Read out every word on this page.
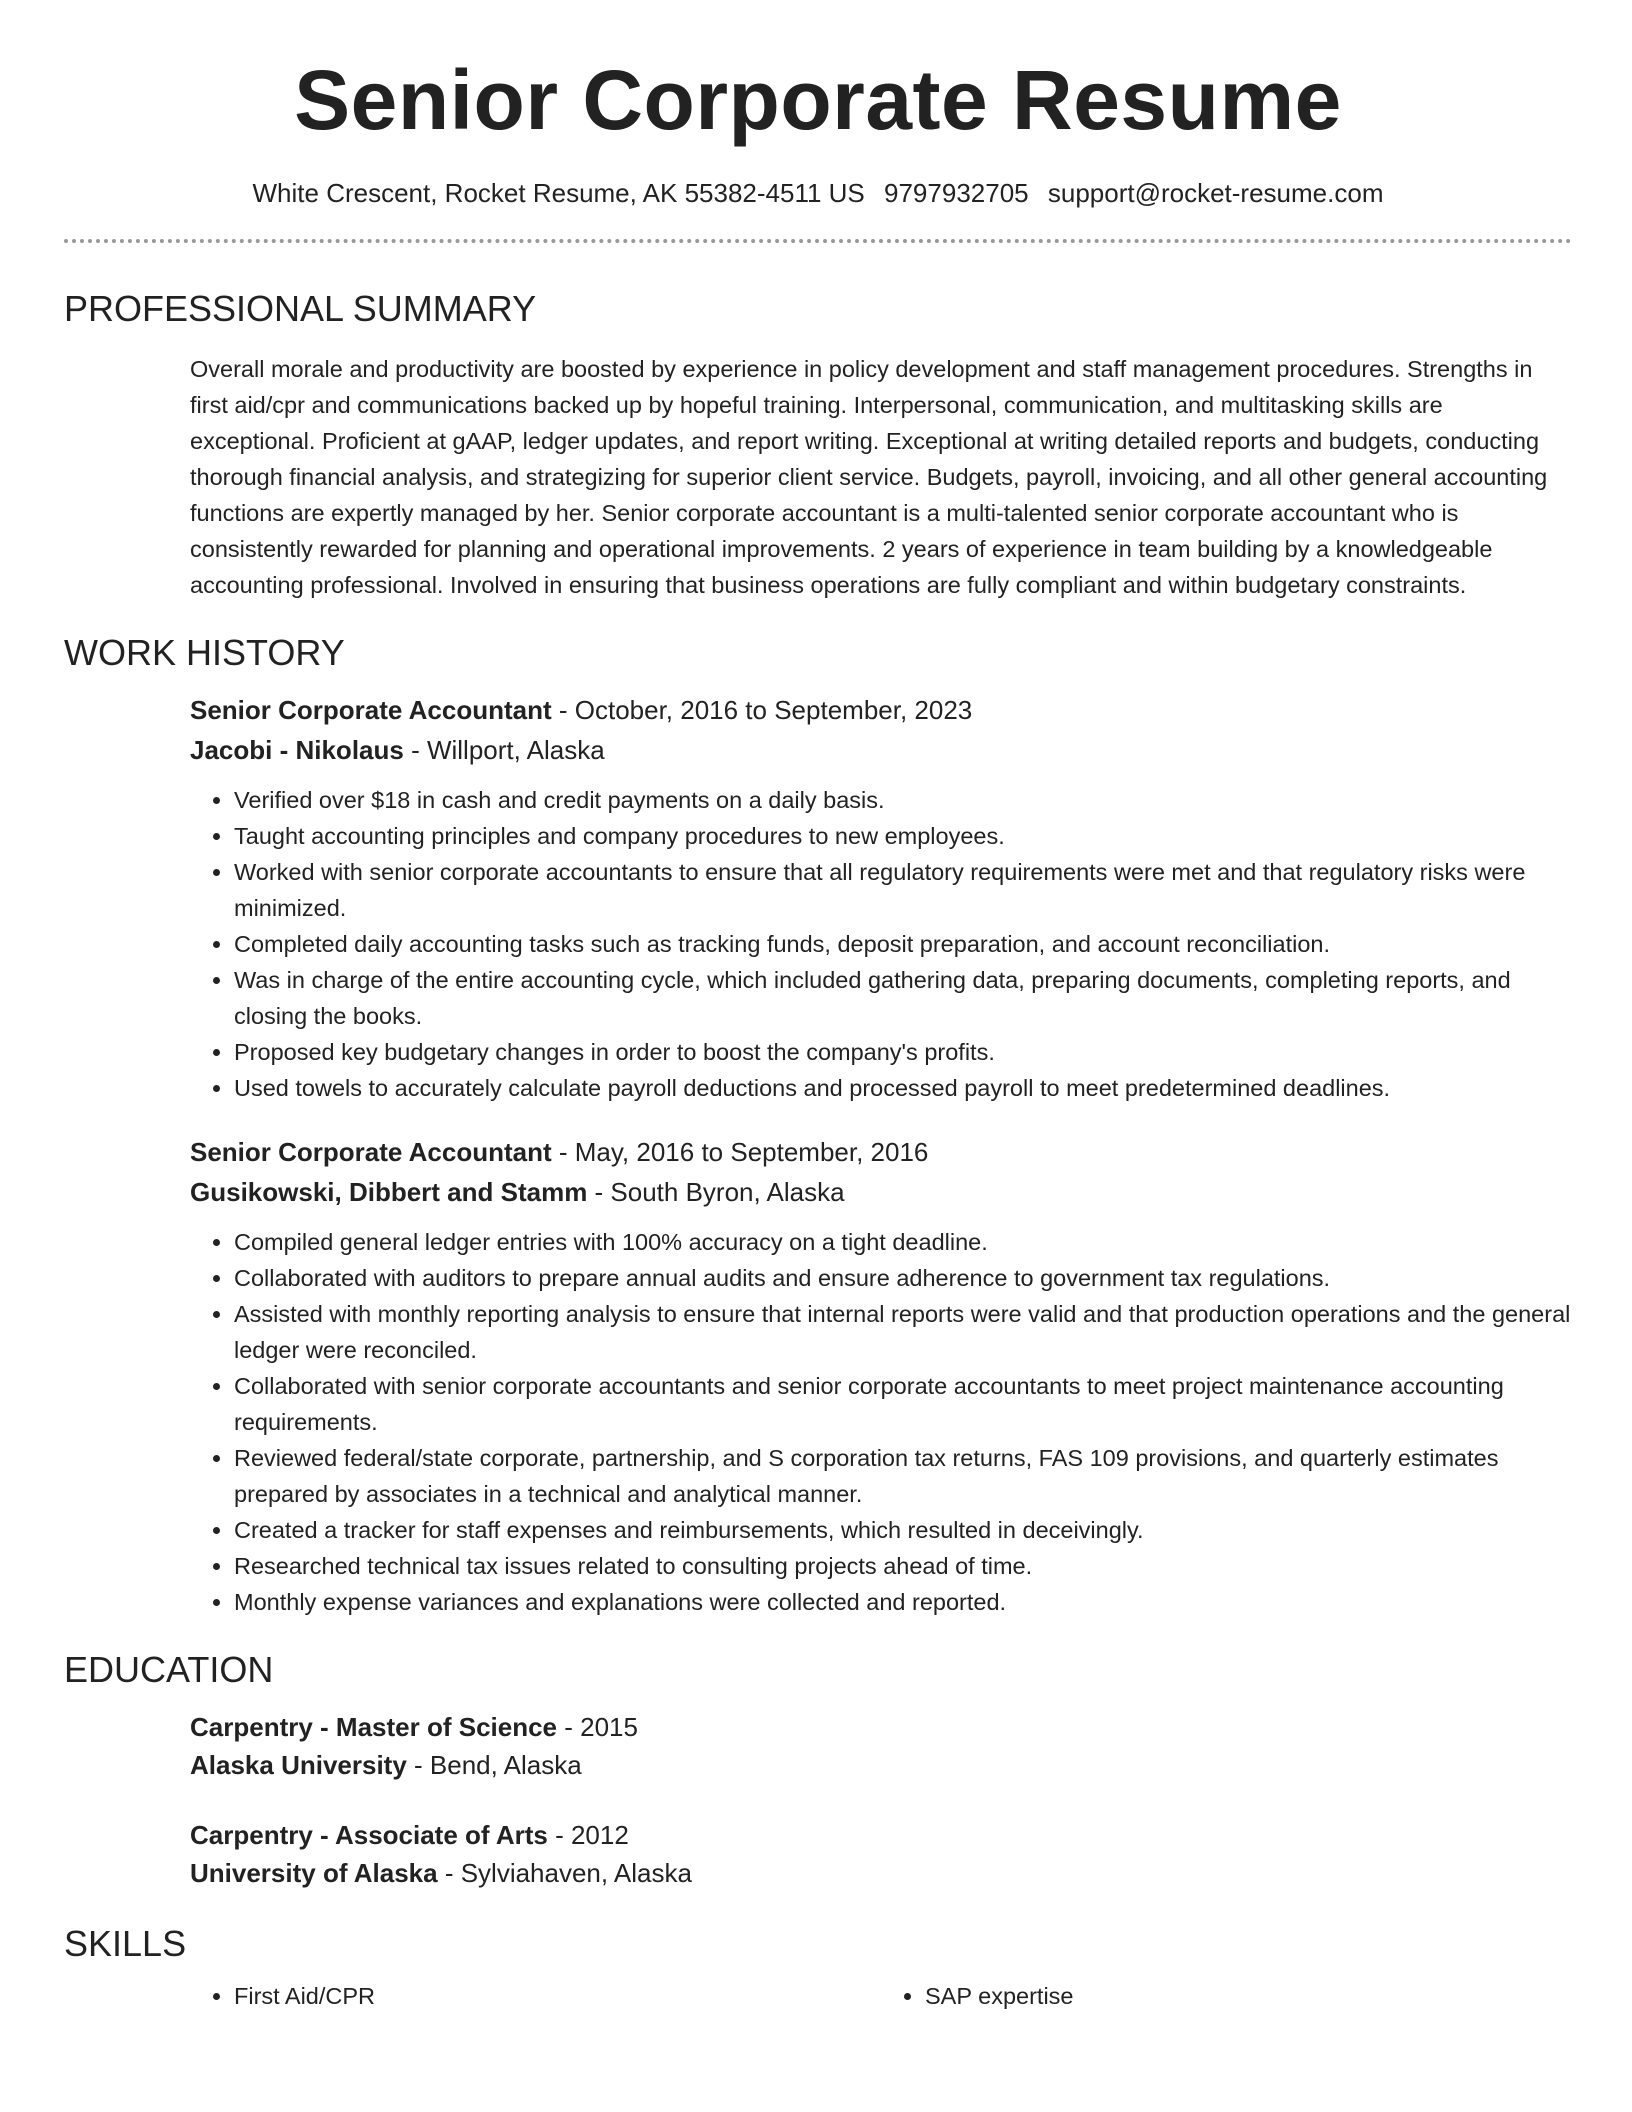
Senior Corporate Resume
White Crescent, Rocket Resume, AK 55382-4511 US 9797932705 support@rocket-resume.com
PROFESSIONAL SUMMARY

Overall morale and productivity are boosted by experience in policy development and staff management procedures. Strengths in first aid/cpr and communications backed up by hopeful training. Interpersonal, communication, and multitasking skills are exceptional. Proficient at gAAP, ledger updates, and report writing. Exceptional at writing detailed reports and budgets, conducting thorough financial analysis, and strategizing for superior client service. Budgets, payroll, invoicing, and all other general accounting functions are expertly managed by her. Senior corporate accountant is a multi-talented senior corporate accountant who is consistently rewarded for planning and operational improvements. 2 years of experience in team building by a knowledgeable accounting professional. Involved in ensuring that business operations are fully compliant and within budgetary constraints.

WORK HISTORY

Senior Corporate Accountant - October, 2016 to September, 2023

Jacobi - Nikolaus - Willport, Alaska

• Verified over $18 in cash and credit payments on a daily basis.
• Taught accounting principles and company procedures to new employees.
• Worked with senior corporate accountants to ensure that all regulatory requirements were met and that regulatory risks were minimized.
• Completed daily accounting tasks such as tracking funds, deposit preparation, and account reconciliation.
• Was in charge of the entire accounting cycle, which included gathering data, preparing documents, completing reports, and closing the books.
• Proposed key budgetary changes in order to boost the company's profits.
• Used towels to accurately calculate payroll deductions and processed payroll to meet predetermined deadlines.

Senior Corporate Accountant - May, 2016 to September, 2016

Gusikowski, Dibbert and Stamm - South Byron, Alaska

• Compiled general ledger entries with 100% accuracy on a tight deadline.
• Collaborated with auditors to prepare annual audits and ensure adherence to government tax regulations.
• Assisted with monthly reporting analysis to ensure that internal reports were valid and that production operations and the general ledger were reconciled.
• Collaborated with senior corporate accountants and senior corporate accountants to meet project maintenance accounting requirements.
• Reviewed federal/state corporate, partnership, and S corporation tax returns, FAS 109 provisions, and quarterly estimates prepared by associates in a technical and analytical manner.
• Created a tracker for staff expenses and reimbursements, which resulted in deceivingly.
• Researched technical tax issues related to consulting projects ahead of time.
• Monthly expense variances and explanations were collected and reported.
EDUCATION

Carpentry - Master of Science - 2015

Alaska University - Bend, Alaska

Carpentry - Associate of Arts - 2012

University of Alaska - Sylviahaven, Alaska

SKILLS
• First Aid/CPR
•	SAP expertise
